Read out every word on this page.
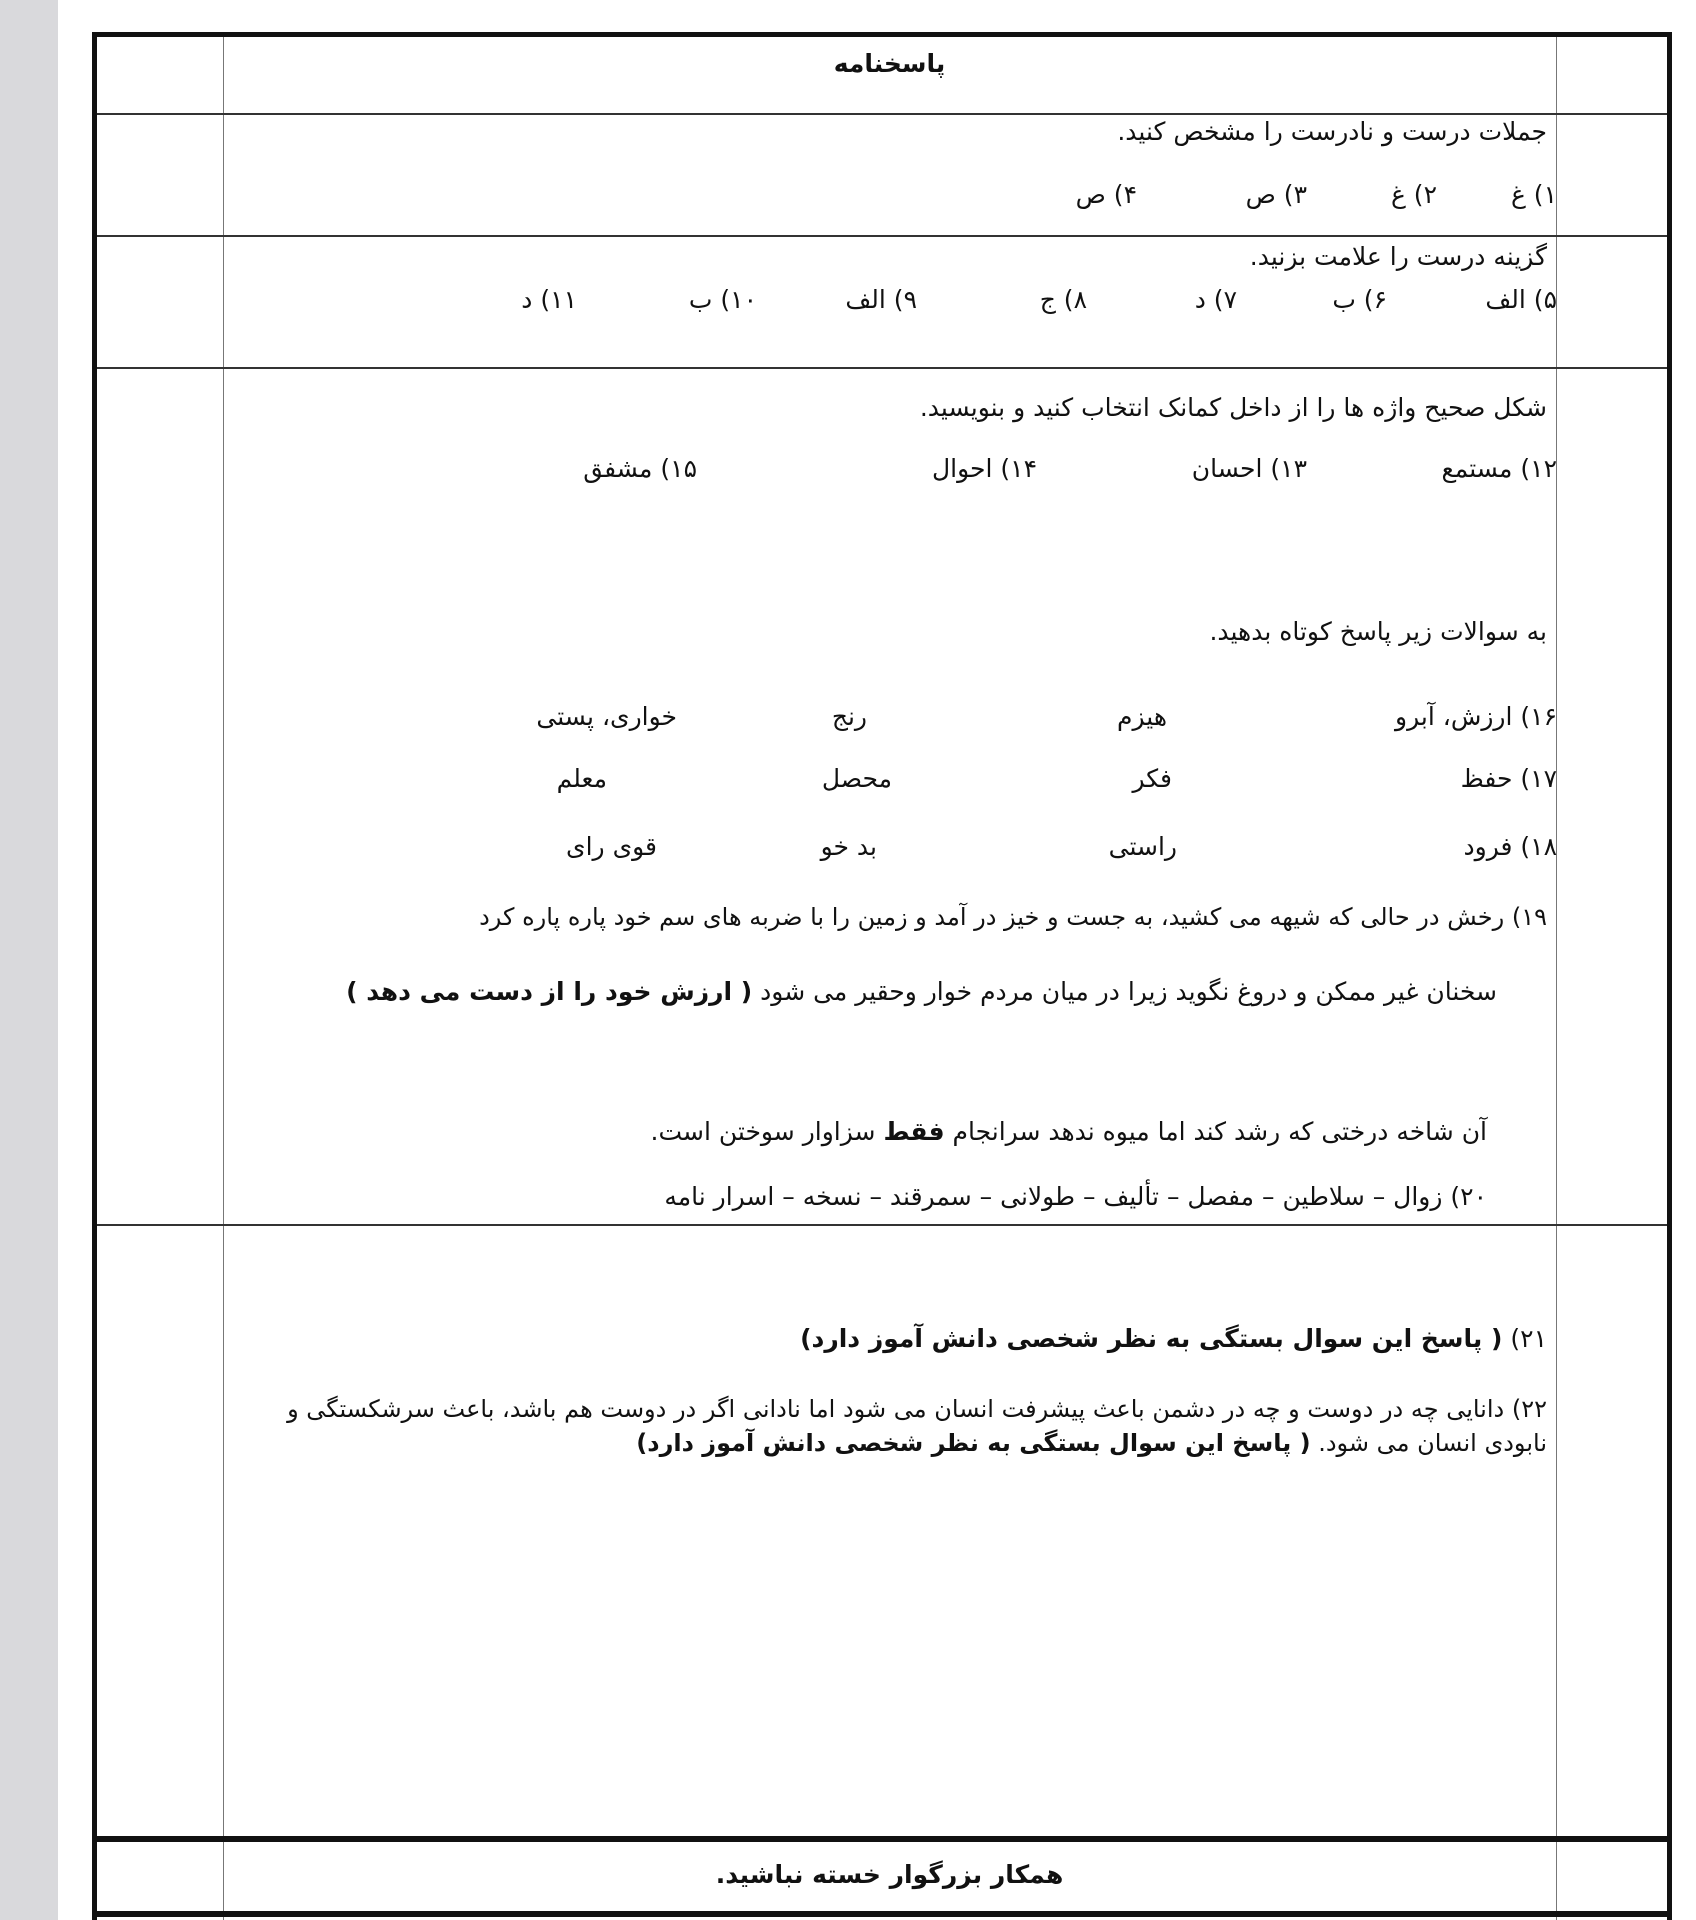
پاسخنامه
جملات درست و نادرست را مشخص کنید.
۱) غ
۲) غ
۳) ص
۴) ص
گزینه درست را علامت بزنید.
۵) الف
۶) ب
۷) د
۸) ج
۹) الف
۱۰) ب
۱۱) د
شکل صحیح واژه ها را از داخل کمانک انتخاب کنید و بنویسید.
۱۲) مستمع
۱۳) احسان
۱۴) احوال
۱۵) مشفق
به سوالات زیر پاسخ کوتاه بدهید.
۱۶) ارزش، آبرو
هیزم
رنج
خواری، پستی
۱۷) حفظ
فکر
محصل
معلم
۱۸) فرود
راستی
بد خو
قوی رای
۱۹) رخش در حالی که شیهه می کشید، به جست و خیز در آمد و زمین را با ضربه های سم خود پاره پاره کرد
سخنان غیر ممکن و دروغ نگوید زیرا در میان مردم خوار وحقیر می شود ( ارزش خود را از دست می دهد )
آن شاخه درختی که رشد کند اما میوه ندهد سرانجام فقط سزاوار سوختن است.
۲۰) زوال – سلاطین – مفصل – تألیف – طولانی – سمرقند – نسخه – اسرار نامه
۲۱) ( پاسخ این سوال بستگی به نظر شخصی دانش آموز دارد)
۲۲) دانایی چه در دوست و چه در دشمن باعث پیشرفت انسان می شود اما نادانی اگر در دوست هم باشد، باعث سرشکستگی و نابودی انسان می شود. ( پاسخ این سوال بستگی به نظر شخصی دانش آموز دارد)
همکار بزرگوار خسته نباشید.
